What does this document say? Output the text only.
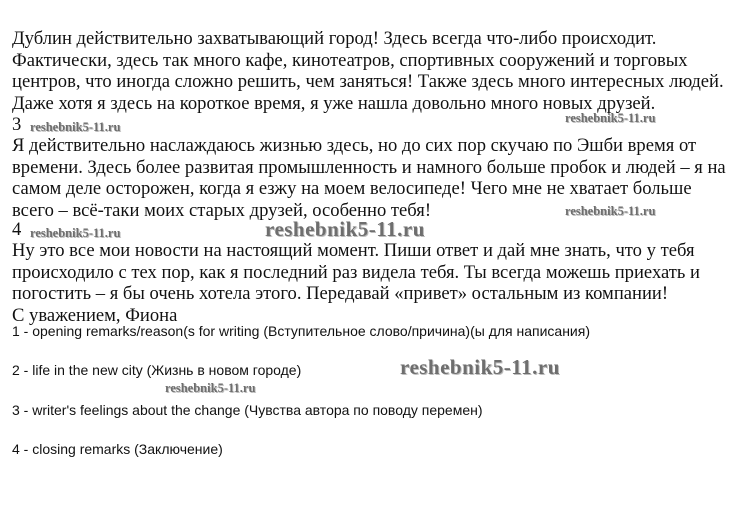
Дублин действительно захватывающий город! Здесь всегда что-либо происходит.

Фактически, здесь так много кафе, кинотеатров, спортивных сооружений и торговых

центров, что иногда сложно решить, чем заняться! Также здесь много интересных людей.

Даже хотя я здесь на короткое время, я уже нашла довольно много новых друзей.

3

Я действительно наслаждаюсь жизнью здесь, но до сих пор скучаю по Эшби время от

времени. Здесь более развитая промышленность и намного больше пробок и людей – я на

самом деле осторожен, когда я езжу на моем велосипеде! Чего мне не хватает больше

всего – всё-таки моих старых друзей, особенно тебя!

4

Ну это все мои новости на настоящий момент. Пиши ответ и дай мне знать, что у тебя

происходило с тех пор, как я последний раз видела тебя. Ты всегда можешь приехать и

погостить – я бы очень хотела этого. Передавай «привет» остальным из компании!

С уважением, Фиона

1 - opening remarks/reason(s for writing (Вступительное слово/причина)(ы для написания)

2 - life in the new city (Жизнь в новом городе)

3 - writer's feelings about the change (Чувства автора по поводу перемен)

4 - closing remarks (Заключение)

reshebnik5-11.ru

reshebnik5-11.ru

reshebnik5-11.ru

reshebnik5-11.ru

reshebnik5-11.ru

reshebnik5-11.ru

reshebnik5-11.ru
